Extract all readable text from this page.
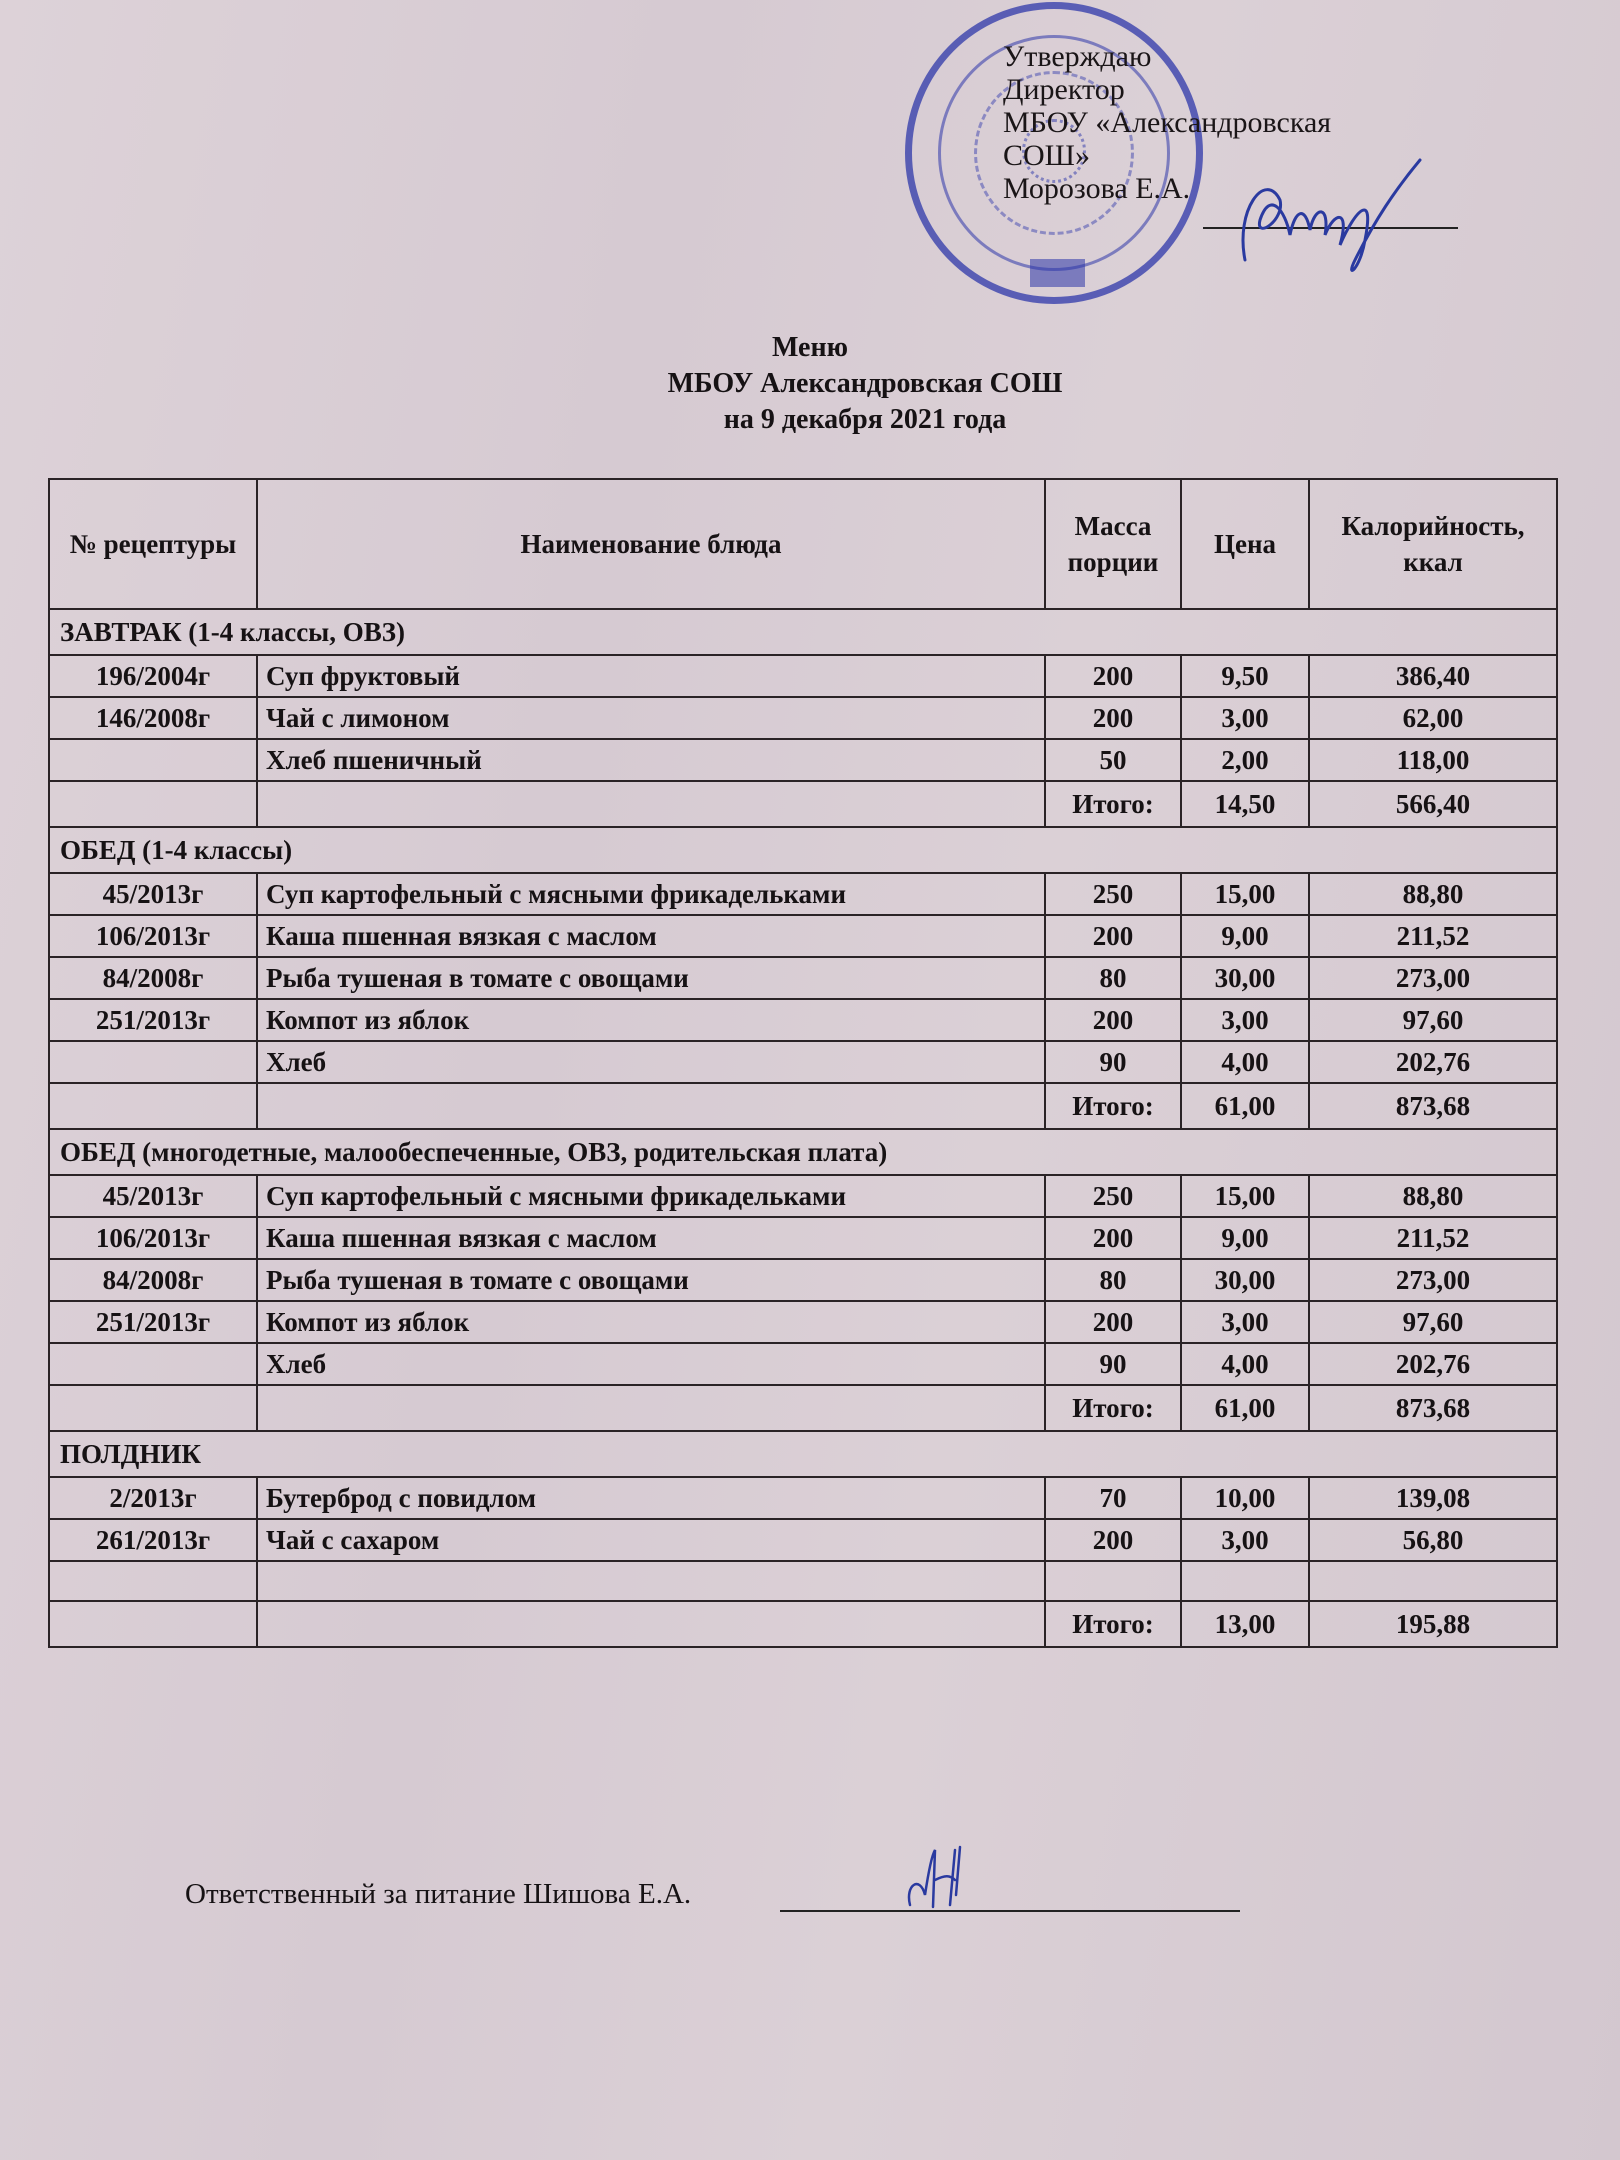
Утверждаю
Директор
МБОУ «Александровская
СОШ»
Морозова Е.А.
Меню
МБОУ Александровская СОШ
на 9 декабря 2021 года
№ рецептуры	Наименование блюда	Масса порции	Цена	Калорийность, ккал
ЗАВТРАК (1-4 классы, ОВЗ)				
196/2004г	Суп фруктовый	200	9,50	386,40
146/2008г	Чай с лимоном	200	3,00	62,00
	Хлеб пшеничный	50	2,00	118,00
		Итого:	14,50	566,40
ОБЕД (1-4 классы)				
45/2013г	Суп картофельный с мясными фрикадельками	250	15,00	88,80
106/2013г	Каша пшенная вязкая с маслом	200	9,00	211,52
84/2008г	Рыба тушеная в томате с овощами	80	30,00	273,00
251/2013г	Компот из яблок	200	3,00	97,60
	Хлеб	90	4,00	202,76
		Итого:	61,00	873,68
ОБЕД (многодетные, малообеспеченные, ОВЗ, родительская плата)				
45/2013г	Суп картофельный с мясными фрикадельками	250	15,00	88,80
106/2013г	Каша пшенная вязкая с маслом	200	9,00	211,52
84/2008г	Рыба тушеная в томате с овощами	80	30,00	273,00
251/2013г	Компот из яблок	200	3,00	97,60
	Хлеб	90	4,00	202,76
		Итого:	61,00	873,68
ПОЛДНИК				
2/2013г	Бутерброд с повидлом	70	10,00	139,08
261/2013г	Чай с сахаром	200	3,00	56,80

		Итого:	13,00	195,88
Ответственный за питание Шишова Е.А.
